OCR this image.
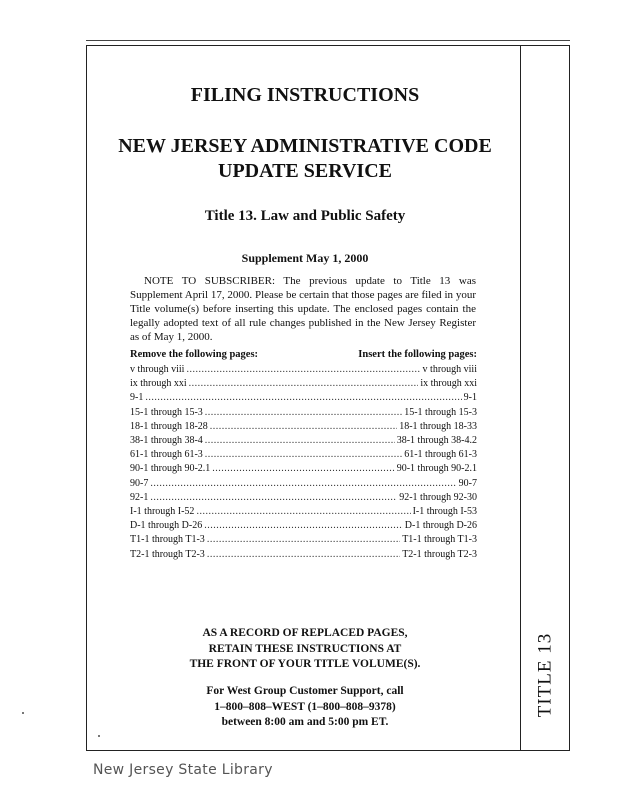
TITLE 13
FILING INSTRUCTIONS
NEW JERSEY ADMINISTRATIVE CODE
UPDATE SERVICE
Title 13. Law and Public Safety
Supplement May 1, 2000
NOTE TO SUBSCRIBER: The previous update to Title 13 was Supplement April 17, 2000. Please be certain that those pages are filed in your Title volume(s) before inserting this update. The enclosed pages contain the legally adopted text of all rule changes published in the New Jersey Register as of May 1, 2000.
Remove the following pages:	Insert the following pages:
v through viii .....	v through viii
ix through xxi .....	ix through xxi
9-1 .....	9-1
15-1 through 15-3 .....	15-1 through 15-3
18-1 through 18-28 .....	18-1 through 18-33
38-1 through 38-4 .....	38-1 through 38-4.2
61-1 through 61-3 .....	61-1 through 61-3
90-1 through 90-2.1 .....	90-1 through 90-2.1
90-7 .....	90-7
92-1 .....	92-1 through 92-30
I-1 through I-52 .....	I-1 through I-53
D-1 through D-26 .....	D-1 through D-26
T1-1 through T1-3 .....	T1-1 through T1-3
T2-1 through T2-3 .....	T2-1 through T2-3
AS A RECORD OF REPLACED PAGES,
RETAIN THESE INSTRUCTIONS AT
THE FRONT OF YOUR TITLE VOLUME(S).
For West Group Customer Support, call
1–800–808–WEST (1–800–808–9378)
between 8:00 am and 5:00 pm ET.
New Jersey State Library
